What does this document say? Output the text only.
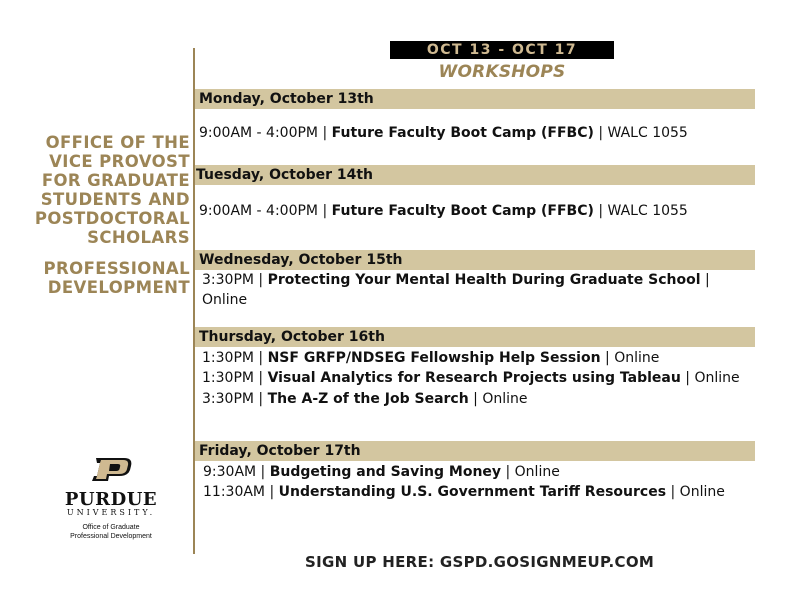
OFFICE OF THE
VICE PROVOST
FOR GRADUATE
STUDENTS AND
POSTDOCTORAL
SCHOLARS
PROFESSIONAL
DEVELOPMENT
OCT 13 - OCT 17
WORKSHOPS
Monday, October 13th
9:00AM - 4:00PM | Future Faculty Boot Camp (FFBC) | WALC 1055
Tuesday, October 14th
9:00AM - 4:00PM | Future Faculty Boot Camp (FFBC) | WALC 1055
Wednesday, October 15th
3:30PM | Protecting Your Mental Health During Graduate School | Online
Thursday, October 16th
1:30PM | NSF GRFP/NDSEG Fellowship Help Session | Online
1:30PM | Visual Analytics for Research Projects using Tableau | Online
3:30PM | The A-Z of the Job Search | Online
Friday, October 17th
9:30AM | Budgeting and Saving Money | Online
11:30AM | Understanding U.S. Government Tariff Resources | Online
PURDUE
UNIVERSITY.
Office of Graduate
Professional Development
SIGN UP HERE: GSPD.GOSIGNMEUP.COM
